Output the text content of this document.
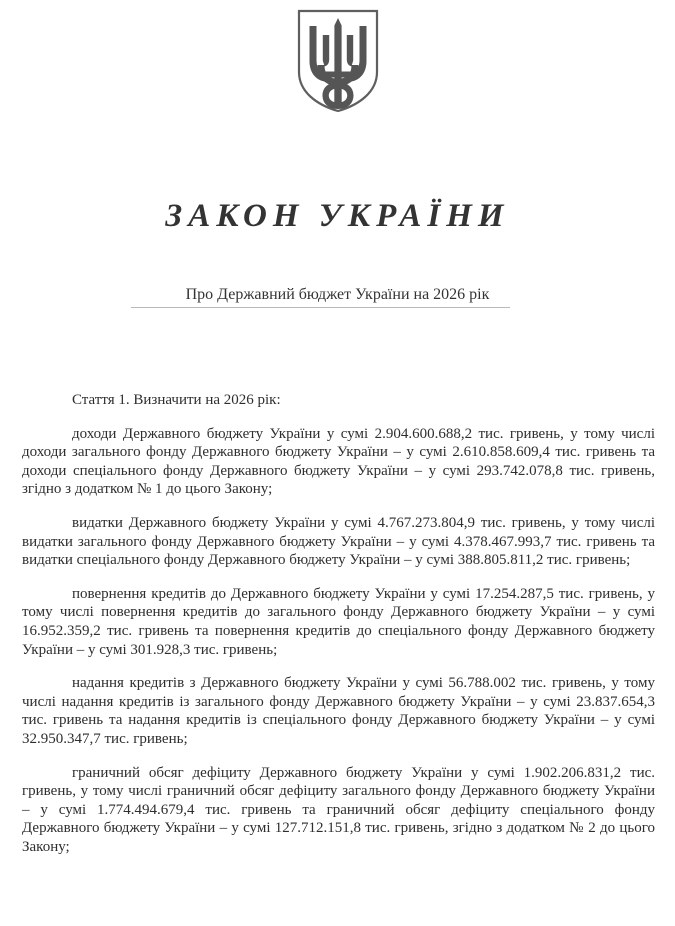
ЗАКОН УКРАЇНИ
Про Державний бюджет України на 2026 рік

Стаття 1. Визначити на 2026 рік:

доходи Державного бюджету України у сумі 2.904.600.688,2 тис. гривень, у тому числі доходи загального фонду Державного бюджету України – у сумі 2.610.858.609,4 тис. гривень та доходи спеціального фонду Державного бюджету України – у сумі 293.742.078,8 тис. гривень, згідно з додатком № 1 до цього Закону;

видатки Державного бюджету України у сумі 4.767.273.804,9 тис. гривень, у тому числі видатки загального фонду Державного бюджету України – у сумі 4.378.467.993,7 тис. гривень та видатки спеціального фонду Державного бюджету України – у сумі 388.805.811,2 тис. гривень;

повернення кредитів до Державного бюджету України у сумі 17.254.287,5 тис. гривень, у тому числі повернення кредитів до загального фонду Державного бюджету України – у сумі 16.952.359,2 тис. гривень та повернення кредитів до спеціального фонду Державного бюджету України – у сумі 301.928,3 тис. гривень;

надання кредитів з Державного бюджету України у сумі 56.788.002 тис. гривень, у тому числі надання кредитів із загального фонду Державного бюджету України – у сумі 23.837.654,3 тис. гривень та надання кредитів із спеціального фонду Державного бюджету України – у сумі 32.950.347,7 тис. гривень;

граничний обсяг дефіциту Державного бюджету України у сумі 1.902.206.831,2 тис. гривень, у тому числі граничний обсяг дефіциту загального фонду Державного бюджету України – у сумі 1.774.494.679,4 тис. гривень та граничний обсяг дефіциту спеціального фонду Державного бюджету України – у сумі 127.712.151,8 тис. гривень, згідно з додатком № 2 до цього Закону;
